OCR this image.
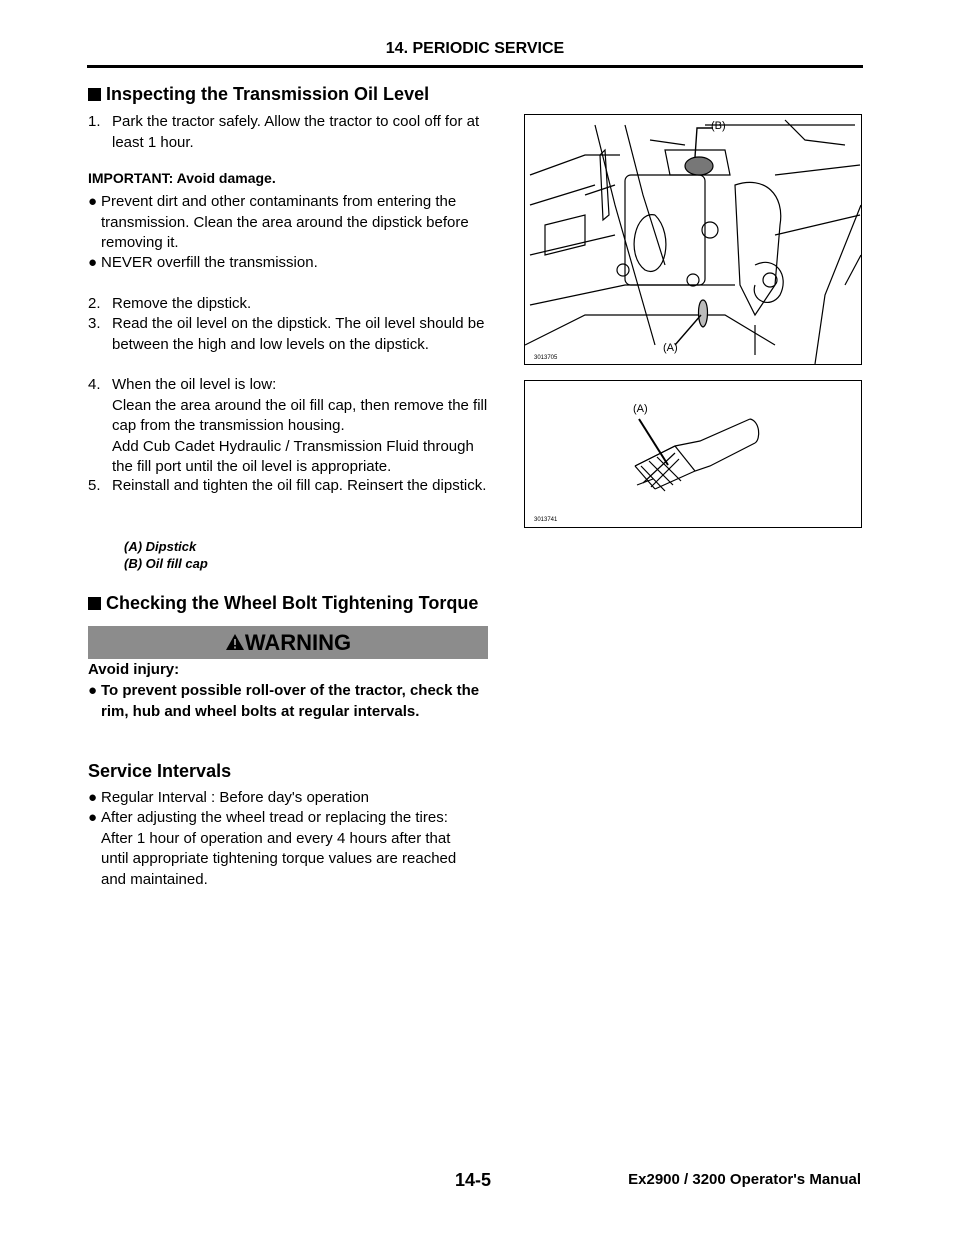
14. PERIODIC SERVICE
Inspecting the Transmission Oil Level
1. Park the tractor safely. Allow the tractor to cool off for at least 1 hour.
IMPORTANT: Avoid damage.
● Prevent dirt and other contaminants from entering the transmission. Clean the area around the dipstick before removing it.
● NEVER overfill the transmission.
2. Remove the dipstick.
3. Read the oil level on the dipstick. The oil level should be between the high and low levels on the dipstick.
4. When the oil level is low:
Clean the area around the oil fill cap, then remove the fill cap from the transmission housing.
Add Cub Cadet Hydraulic / Transmission Fluid through the fill port until the oil level is appropriate.
5. Reinstall and tighten the oil fill cap. Reinsert the dipstick.
(A) Dipstick
(B) Oil fill cap
(B)
(A)
3013705
(A)
3013741
Checking the Wheel Bolt Tightening Torque
WARNING
Avoid injury:
● To prevent possible roll-over of the tractor, check the rim, hub and wheel bolts at regular intervals.
Service Intervals
● Regular Interval : Before day's operation
● After adjusting the wheel tread or replacing the tires: After 1 hour of operation and every 4 hours after that until appropriate tightening torque values are reached and maintained.
14-5	Ex2900 / 3200 Operator's Manual
